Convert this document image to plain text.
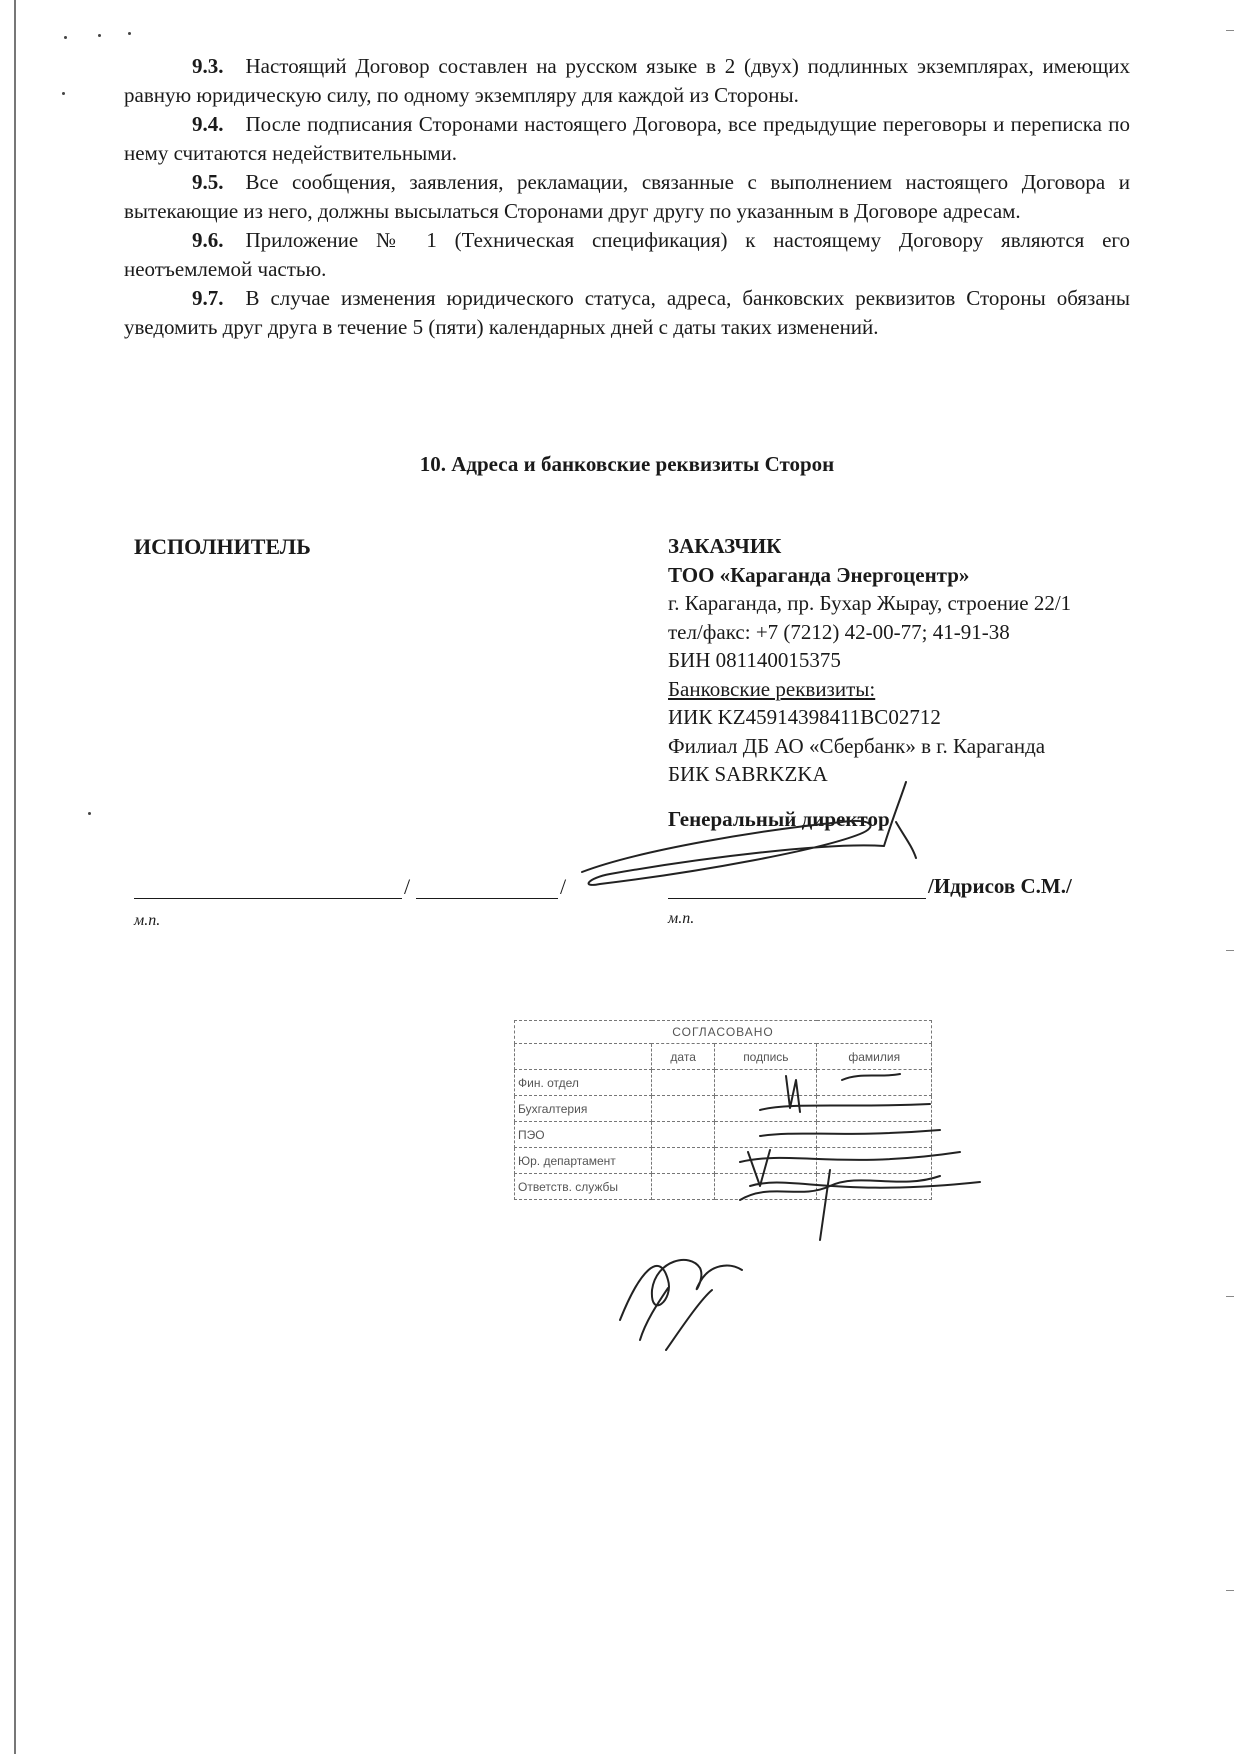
9.3. Настоящий Договор составлен на русском языке в 2 (двух) подлинных экземплярах, имеющих равную юридическую силу, по одному экземпляру для каждой из Стороны.

9.4. После подписания Сторонами настоящего Договора, все предыдущие переговоры и переписка по нему считаются недействительными.

9.5. Все сообщения, заявления, рекламации, связанные с выполнением настоящего Договора и вытекающие из него, должны высылаться Сторонами друг другу по указанным в Договоре адресам.

9.6. Приложение № 1 (Техническая спецификация) к настоящему Договору являются его неотъемлемой частью.

9.7. В случае изменения юридического статуса, адреса, банковских реквизитов Стороны обязаны уведомить друг друга в течение 5 (пяти) календарных дней с даты таких изменений.

10. Адреса и банковские реквизиты Сторон
ИСПОЛНИТЕЛЬ	ЗАКАЗЧИК
ТОО «Караганда Энергоцентр»
г. Караганда, пр. Бухар Жырау, строение 22/1
тел/факс: +7 (7212) 42-00-77; 41-91-38
БИН 081140015375
Банковские реквизиты:
ИИК KZ45914398411BC02712
Филиал ДБ АО «Сбербанк» в г. Караганда
БИК SABRKZKA
Генеральный директор
/	/	/Идрисов С.М./
м.п.	м.п.
СОГЛАСОВАНО			
	дата	подпись	фамилия
Фин. отдел			
Бухгалтерия			
ПЭО			
Юр. департамент			
Ответств. службы			
